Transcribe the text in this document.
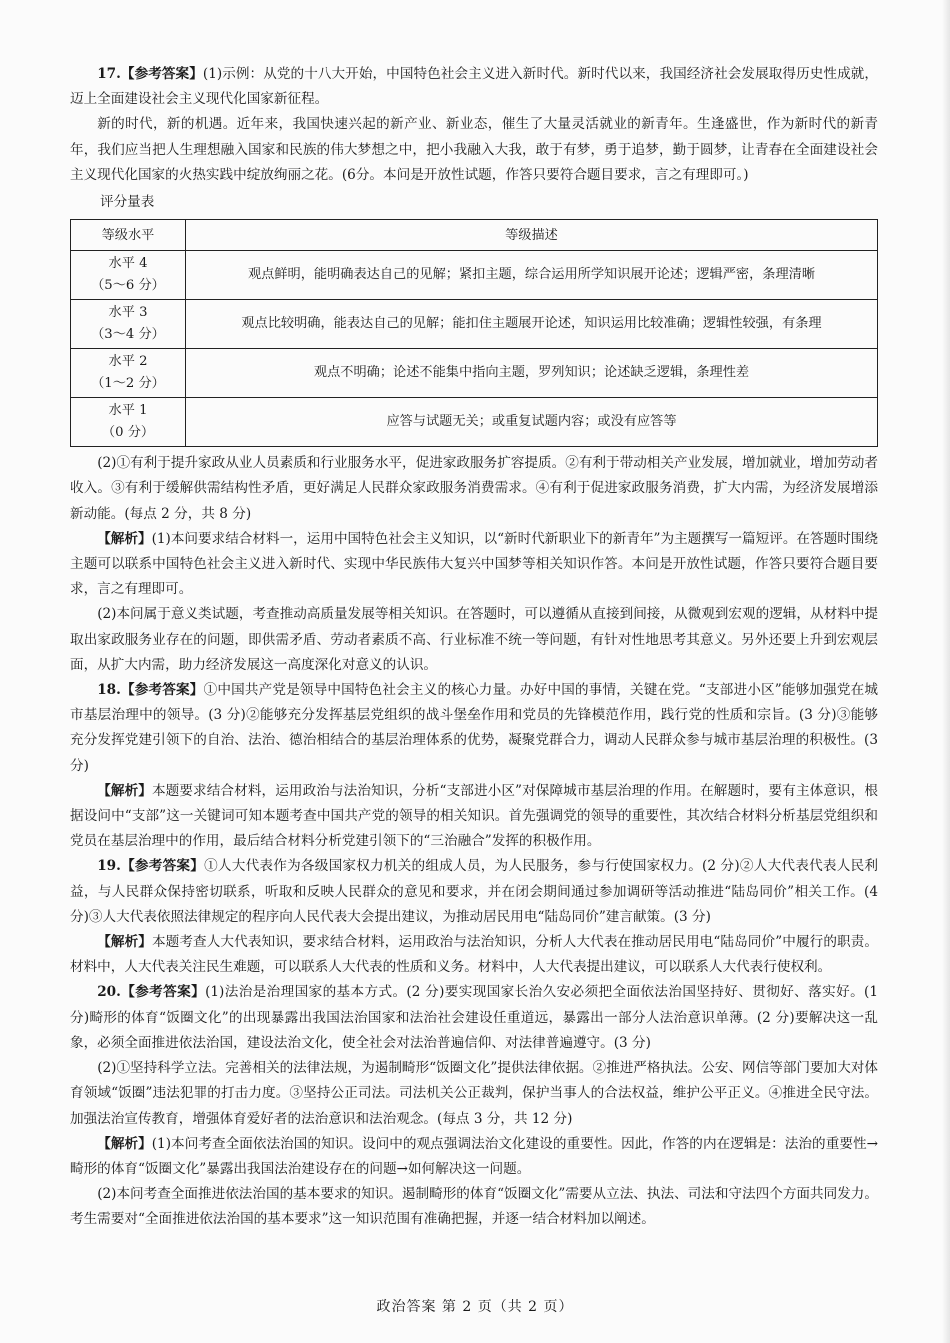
17.【参考答案】(1)示例：从党的十八大开始，中国特色社会主义进入新时代。新时代以来，我国经济社会发展取得历史性成就，迈上全面建设社会主义现代化国家新征程。

新的时代，新的机遇。近年来，我国快速兴起的新产业、新业态，催生了大量灵活就业的新青年。生逢盛世，作为新时代的新青年，我们应当把人生理想融入国家和民族的伟大梦想之中，把小我融入大我，敢于有梦，勇于追梦，勤于圆梦，让青春在全面建设社会主义现代化国家的火热实践中绽放绚丽之花。(6分。本问是开放性试题，作答只要符合题目要求，言之有理即可。)

评分量表

等级水平	等级描述

水平 4
（5～6 分）	观点鲜明，能明确表达自己的见解；紧扣主题，综合运用所学知识展开论述；逻辑严密，条理清晰

水平 3
（3～4 分）	观点比较明确，能表达自己的见解；能扣住主题展开论述，知识运用比较准确；逻辑性较强，有条理

水平 2
（1～2 分）	观点不明确；论述不能集中指向主题，罗列知识；论述缺乏逻辑，条理性差

水平 1
（0 分）	应答与试题无关；或重复试题内容；或没有应答等

(2)①有利于提升家政从业人员素质和行业服务水平，促进家政服务扩容提质。②有利于带动相关产业发展，增加就业，增加劳动者收入。③有利于缓解供需结构性矛盾，更好满足人民群众家政服务消费需求。④有利于促进家政服务消费，扩大内需，为经济发展增添新动能。(每点 2 分，共 8 分)

【解析】(1)本问要求结合材料一，运用中国特色社会主义知识，以“新时代新职业下的新青年”为主题撰写一篇短评。在答题时围绕主题可以联系中国特色社会主义进入新时代、实现中华民族伟大复兴中国梦等相关知识作答。本问是开放性试题，作答只要符合题目要求，言之有理即可。

(2)本问属于意义类试题，考查推动高质量发展等相关知识。在答题时，可以遵循从直接到间接，从微观到宏观的逻辑，从材料中提取出家政服务业存在的问题，即供需矛盾、劳动者素质不高、行业标准不统一等问题，有针对性地思考其意义。另外还要上升到宏观层面，从扩大内需，助力经济发展这一高度深化对意义的认识。

18.【参考答案】①中国共产党是领导中国特色社会主义的核心力量。办好中国的事情，关键在党。“支部进小区”能够加强党在城市基层治理中的领导。(3 分)②能够充分发挥基层党组织的战斗堡垒作用和党员的先锋模范作用，践行党的性质和宗旨。(3 分)③能够充分发挥党建引领下的自治、法治、德治相结合的基层治理体系的优势，凝聚党群合力，调动人民群众参与城市基层治理的积极性。(3 分)

【解析】本题要求结合材料，运用政治与法治知识，分析“支部进小区”对保障城市基层治理的作用。在解题时，要有主体意识，根据设问中“支部”这一关键词可知本题考查中国共产党的领导的相关知识。首先强调党的领导的重要性，其次结合材料分析基层党组织和党员在基层治理中的作用，最后结合材料分析党建引领下的“三治融合”发挥的积极作用。

19.【参考答案】①人大代表作为各级国家权力机关的组成人员，为人民服务，参与行使国家权力。(2 分)②人大代表代表人民利益，与人民群众保持密切联系，听取和反映人民群众的意见和要求，并在闭会期间通过参加调研等活动推进“陆岛同价”相关工作。(4 分)③人大代表依照法律规定的程序向人民代表大会提出建议，为推动居民用电“陆岛同价”建言献策。(3 分)

【解析】本题考查人大代表知识，要求结合材料，运用政治与法治知识，分析人大代表在推动居民用电“陆岛同价”中履行的职责。材料中，人大代表关注民生难题，可以联系人大代表的性质和义务。材料中，人大代表提出建议，可以联系人大代表行使权利。

20.【参考答案】(1)法治是治理国家的基本方式。(2 分)要实现国家长治久安必须把全面依法治国坚持好、贯彻好、落实好。(1 分)畸形的体育“饭圈文化”的出现暴露出我国法治国家和法治社会建设任重道远，暴露出一部分人法治意识单薄。(2 分)要解决这一乱象，必须全面推进依法治国，建设法治文化，使全社会对法治普遍信仰、对法律普遍遵守。(3 分)

(2)①坚持科学立法。完善相关的法律法规，为遏制畸形“饭圈文化”提供法律依据。②推进严格执法。公安、网信等部门要加大对体育领域“饭圈”违法犯罪的打击力度。③坚持公正司法。司法机关公正裁判，保护当事人的合法权益，维护公平正义。④推进全民守法。加强法治宣传教育，增强体育爱好者的法治意识和法治观念。(每点 3 分，共 12 分)

【解析】(1)本问考查全面依法治国的知识。设问中的观点强调法治文化建设的重要性。因此，作答的内在逻辑是：法治的重要性→畸形的体育“饭圈文化”暴露出我国法治建设存在的问题→如何解决这一问题。

(2)本问考查全面推进依法治国的基本要求的知识。遏制畸形的体育“饭圈文化”需要从立法、执法、司法和守法四个方面共同发力。考生需要对“全面推进依法治国的基本要求”这一知识范围有准确把握，并逐一结合材料加以阐述。

政治答案 第 2 页（共 2 页）
